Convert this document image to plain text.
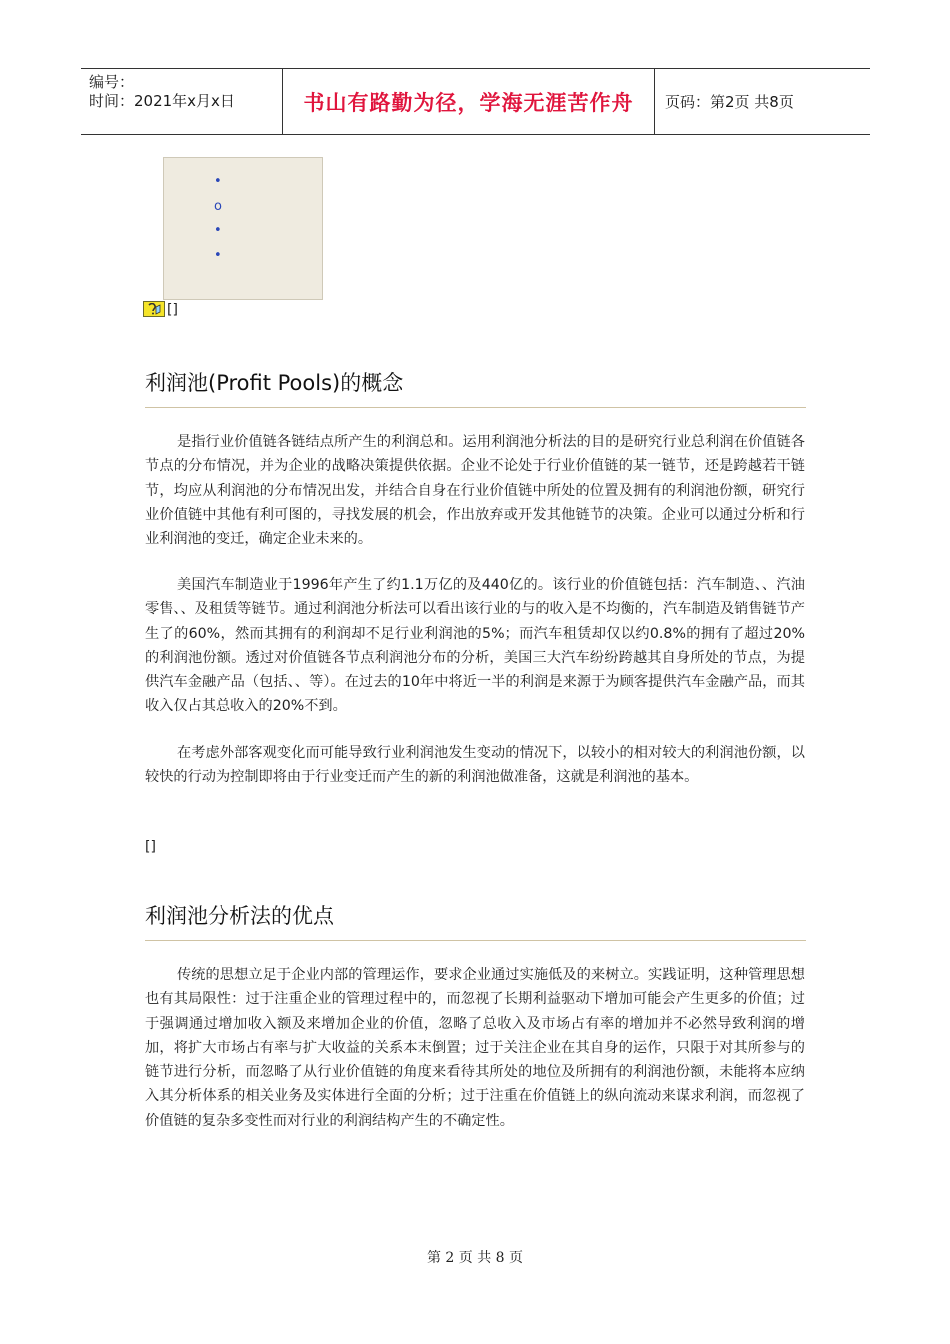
编号：
时间：2021年x月x日	书山有路勤为径，学海无涯苦作舟 页码：第2页 共8页
•
o
•
•
[]
利润池(Profit Pools)的概念

是指行业价值链各链结点所产生的利润总和。运用利润池分析法的目的是研究行业总利润在价值链各节点的分布情况，并为企业的战略决策提供依据。企业不论处于行业价值链的某一链节，还是跨越若干链节，均应从利润池的分布情况出发，并结合自身在行业价值链中所处的位置及拥有的利润池份额，研究行业价值链中其他有利可图的，寻找发展的机会，作出放弃或开发其他链节的决策。企业可以通过分析和行业利润池的变迁，确定企业未来的。

美国汽车制造业于1996年产生了约1.1万亿的及440亿的。该行业的价值链包括：汽车制造、、汽油零售、、及租赁等链节。通过利润池分析法可以看出该行业的与的收入是不均衡的，汽车制造及销售链节产生了的60%，然而其拥有的利润却不足行业利润池的5%；而汽车租赁却仅以约0.8%的拥有了超过20%的利润池份额。透过对价值链各节点利润池分布的分析，美国三大汽车纷纷跨越其自身所处的节点，为提供汽车金融产品（包括、、等）。在过去的10年中将近一半的利润是来源于为顾客提供汽车金融产品，而其收入仅占其总收入的20%不到。

在考虑外部客观变化而可能导致行业利润池发生变动的情况下，以较小的相对较大的利润池份额，以较快的行动为控制即将由于行业变迁而产生的新的利润池做准备，这就是利润池的基本。

[]
利润池分析法的优点

传统的思想立足于企业内部的管理运作，要求企业通过实施低及的来树立。实践证明，这种管理思想也有其局限性：过于注重企业的管理过程中的，而忽视了长期利益驱动下增加可能会产生更多的价值；过于强调通过增加收入额及来增加企业的价值，忽略了总收入及市场占有率的增加并不必然导致利润的增加，将扩大市场占有率与扩大收益的关系本末倒置；过于关注企业在其自身的运作，只限于对其所参与的链节进行分析，而忽略了从行业价值链的角度来看待其所处的地位及所拥有的利润池份额，未能将本应纳入其分析体系的相关业务及实体进行全面的分析；过于注重在价值链上的纵向流动来谋求利润，而忽视了价值链的复杂多变性而对行业的利润结构产生的不确定性。

第 2 页 共 8 页
